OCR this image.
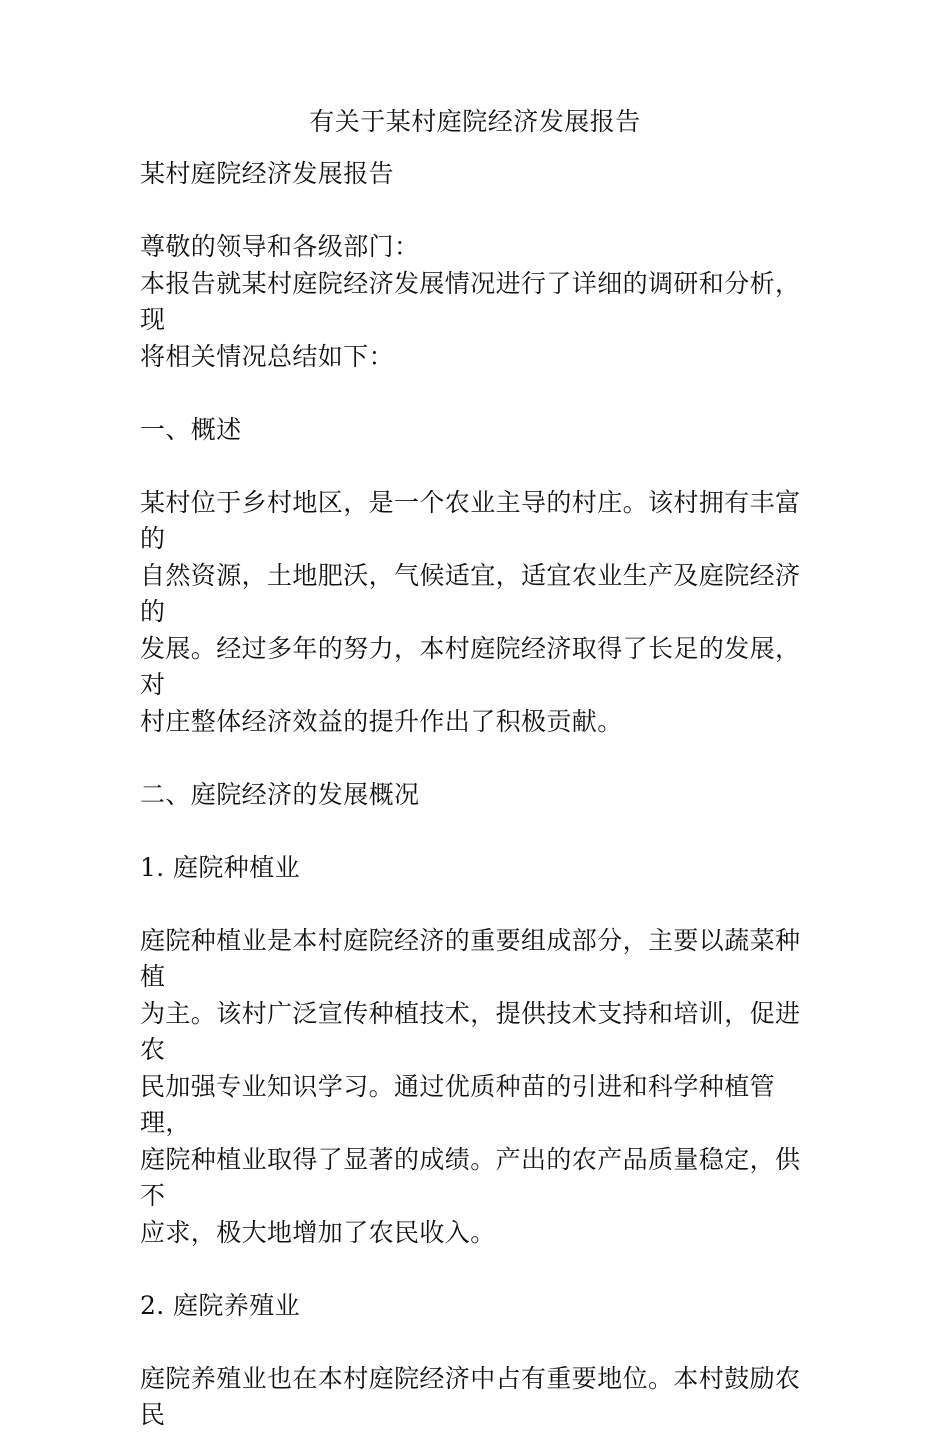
有关于某村庭院经济发展报告

某村庭院经济发展报告

尊敬的领导和各级部门：

本报告就某村庭院经济发展情况进行了详细的调研和分析，现

将相关情况总结如下：

一、概述

某村位于乡村地区，是一个农业主导的村庄。该村拥有丰富的

自然资源，土地肥沃，气候适宜，适宜农业生产及庭院经济的

发展。经过多年的努力，本村庭院经济取得了长足的发展，对

村庄整体经济效益的提升作出了积极贡献。

二、庭院经济的发展概况

1. 庭院种植业

庭院种植业是本村庭院经济的重要组成部分，主要以蔬菜种植

为主。该村广泛宣传种植技术，提供技术支持和培训，促进农

民加强专业知识学习。通过优质种苗的引进和科学种植管理，

庭院种植业取得了显著的成绩。产出的农产品质量稳定，供不

应求，极大地增加了农民收入。

2. 庭院养殖业

庭院养殖业也在本村庭院经济中占有重要地位。本村鼓励农民
